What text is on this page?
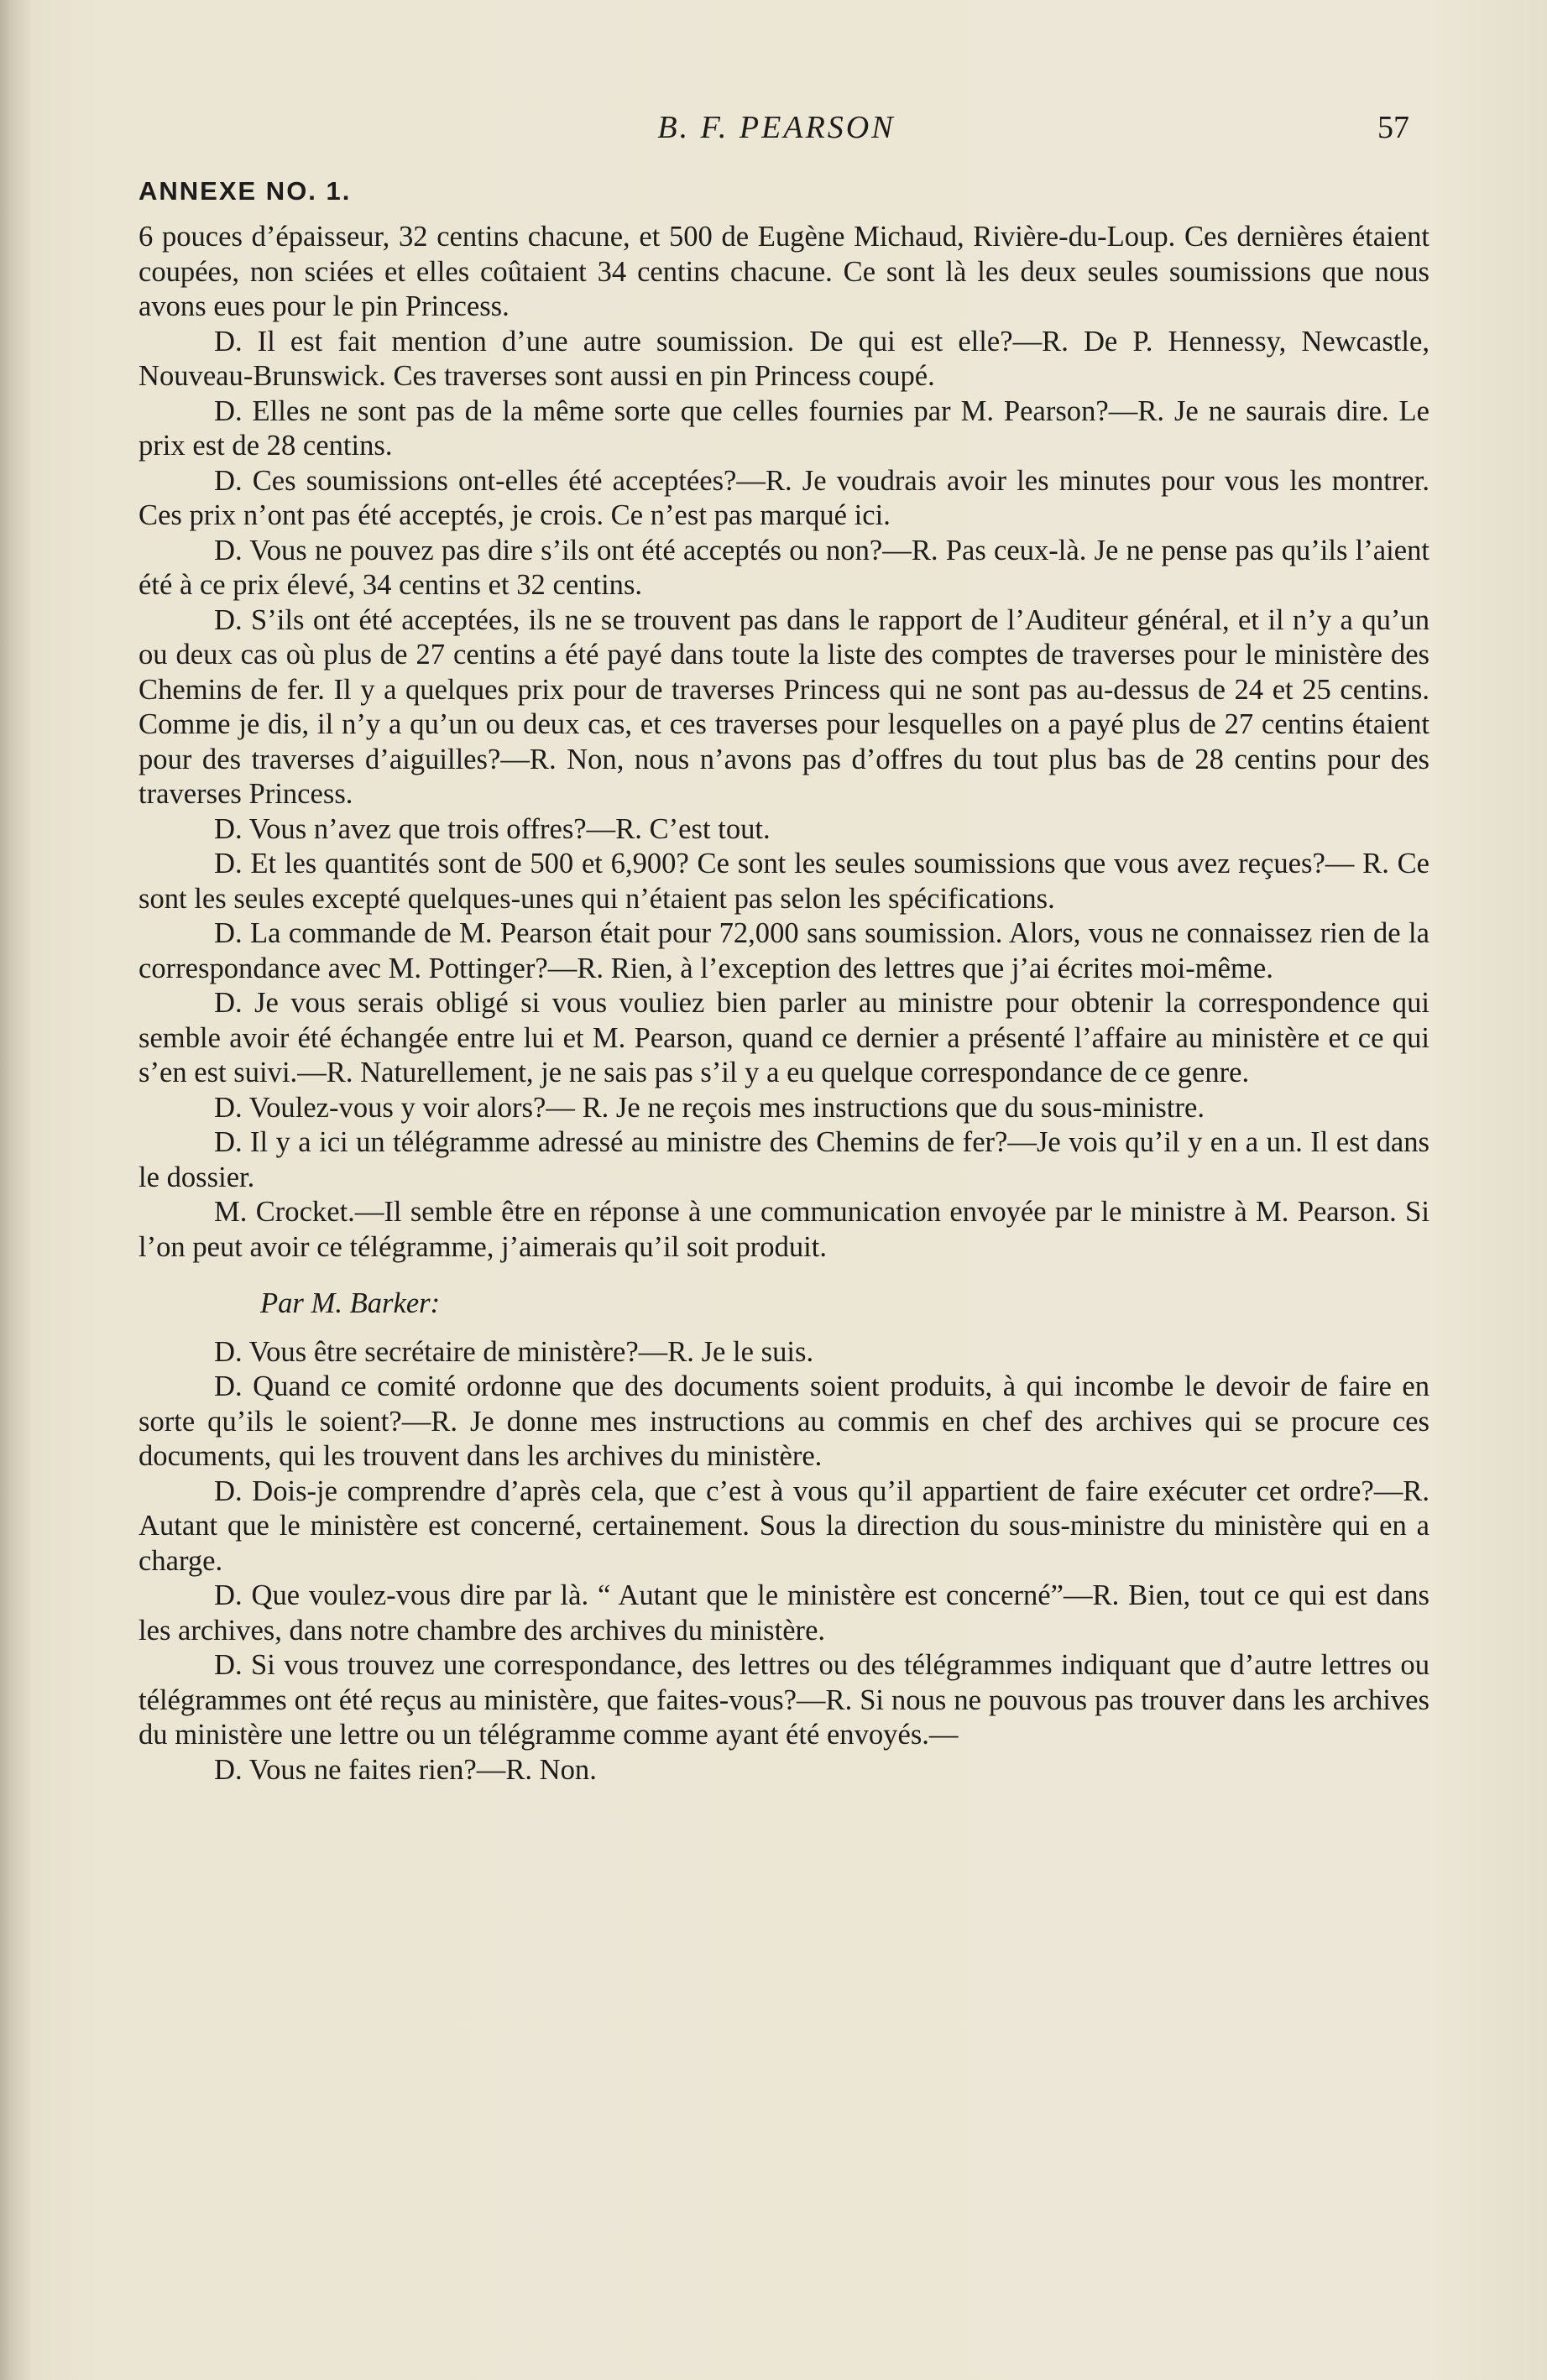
B. F. PEARSON	57
ANNEXE NO. 1.

6 pouces d’épaisseur, 32 centins chacune, et 500 de Eugène Michaud, Rivière-du-Loup. Ces dernières étaient coupées, non sciées et elles coûtaient 34 centins chacune. Ce sont là les deux seules soumissions que nous avons eues pour le pin Princess.

D. Il est fait mention d’une autre soumission. De qui est elle?—R. De P. Hennessy, Newcastle, Nouveau-Brunswick. Ces traverses sont aussi en pin Princess coupé.

D. Elles ne sont pas de la même sorte que celles fournies par M. Pearson?—R. Je ne saurais dire. Le prix est de 28 centins.

D. Ces soumissions ont-elles été acceptées?—R. Je voudrais avoir les minutes pour vous les montrer. Ces prix n’ont pas été acceptés, je crois. Ce n’est pas marqué ici.

D. Vous ne pouvez pas dire s’ils ont été acceptés ou non?—R. Pas ceux-là. Je ne pense pas qu’ils l’aient été à ce prix élevé, 34 centins et 32 centins.

D. S’ils ont été acceptées, ils ne se trouvent pas dans le rapport de l’Auditeur général, et il n’y a qu’un ou deux cas où plus de 27 centins a été payé dans toute la liste des comptes de traverses pour le ministère des Chemins de fer. Il y a quelques prix pour de traverses Princess qui ne sont pas au-dessus de 24 et 25 centins. Comme je dis, il n’y a qu’un ou deux cas, et ces traverses pour lesquelles on a payé plus de 27 centins étaient pour des traverses d’aiguilles?—R. Non, nous n’avons pas d’offres du tout plus bas de 28 centins pour des traverses Princess.

D. Vous n’avez que trois offres?—R. C’est tout.

D. Et les quantités sont de 500 et 6,900? Ce sont les seules soumissions que vous avez reçues?— R. Ce sont les seules excepté quelques-unes qui n’étaient pas selon les spécifications.

D. La commande de M. Pearson était pour 72,000 sans soumission. Alors, vous ne connaissez rien de la correspondance avec M. Pottinger?—R. Rien, à l’exception des lettres que j’ai écrites moi-même.

D. Je vous serais obligé si vous vouliez bien parler au ministre pour obtenir la correspondence qui semble avoir été échangée entre lui et M. Pearson, quand ce dernier a présenté l’affaire au ministère et ce qui s’en est suivi.—R. Naturellement, je ne sais pas s’il y a eu quelque correspondance de ce genre.

D. Voulez-vous y voir alors?— R. Je ne reçois mes instructions que du sous-ministre.

D. Il y a ici un télégramme adressé au ministre des Chemins de fer?—Je vois qu’il y en a un. Il est dans le dossier.

M. Crocket.—Il semble être en réponse à une communication envoyée par le ministre à M. Pearson. Si l’on peut avoir ce télégramme, j’aimerais qu’il soit produit.

Par M. Barker:

D. Vous être secrétaire de ministère?—R. Je le suis.

D. Quand ce comité ordonne que des documents soient produits, à qui incombe le devoir de faire en sorte qu’ils le soient?—R. Je donne mes instructions au commis en chef des archives qui se procure ces documents, qui les trouvent dans les archives du ministère.

D. Dois-je comprendre d’après cela, que c’est à vous qu’il appartient de faire exécuter cet ordre?—R. Autant que le ministère est concerné, certainement. Sous la direction du sous-ministre du ministère qui en a charge.

D. Que voulez-vous dire par là. “ Autant que le ministère est concerné”—R. Bien, tout ce qui est dans les archives, dans notre chambre des archives du ministère.

D. Si vous trouvez une correspondance, des lettres ou des télégrammes indiquant que d’autre lettres ou télégrammes ont été reçus au ministère, que faites-vous?—R. Si nous ne pouvous pas trouver dans les archives du ministère une lettre ou un télégramme comme ayant été envoyés.—

D. Vous ne faites rien?—R. Non.
